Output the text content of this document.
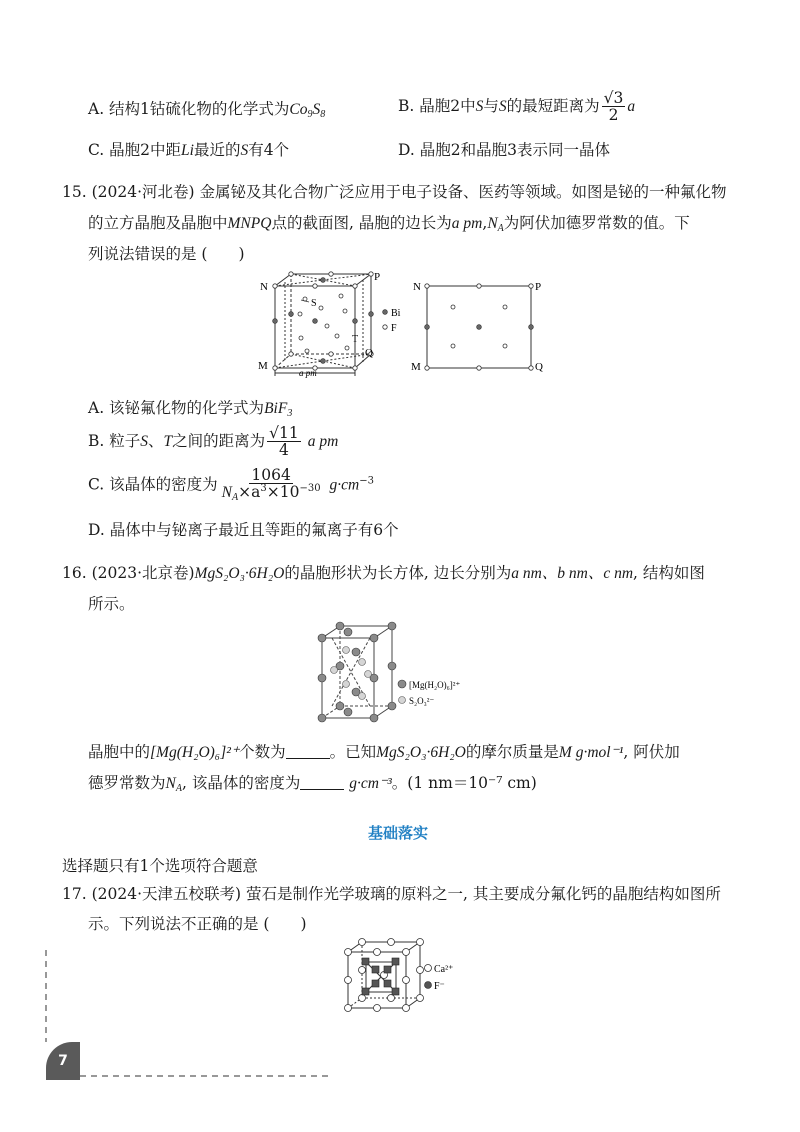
A. 结构1钴硫化物的化学式为$Co_9S_8$	B. 晶胞2中S与S的最短距离为 $\frac{√3}{2}$ a
C. 晶胞2中距Li最近的S有4个	D. 晶胞2和晶胞3表示同一晶体
15. (2024·河北卷) 金属铋及其化合物广泛应用于电子设备、医药等领域。如图是铋的一种氟化物
的立方晶胞及晶胞中MNPQ点的截面图, 晶胞的边长为a $pm,N_A$为阿伏加德罗常数的值。下
列说法错误的是 (　　)
N
P
M
Q
S
T
a pm
Bi
F
N	P
M	Q
A. 该铋氟化物的化学式为BiF$_3$
B. 粒子S、T之间的距离为 $\frac{√11}{4}$ a pm
C. 该晶体的密度为 $\frac{1064}{N_A\times a^3\times 10^{-30}} g\cdot cm^{-3}$
D. 晶体中与铋离子最近且等距的氟离子有6个
16. (2023·北京卷)MgS₂O₃·6H₂O的晶胞形状为长方体, 边长分别为a nm、b nm、c nm, 结构如图
所示。
[Mg(H₂O)₆]²⁺
S₂O₃²⁻
晶胞中的[Mg(H₂O)₆]²⁺个数为	。已知MgS₂O₃·6H₂O的摩尔质量是M g·mol⁻¹, 阿伏加
德罗常数为$N_A$, 该晶体的密度为	g·cm⁻³。(1 nm＝10⁻⁷ cm)
基础落实
选择题只有1个选项符合题意
17. (2024·天津五校联考) 萤石是制作光学玻璃的原料之一, 其主要成分氟化钙的晶胞结构如图所
示。下列说法不正确的是 (　　)
Ca²⁺
F⁻
7
